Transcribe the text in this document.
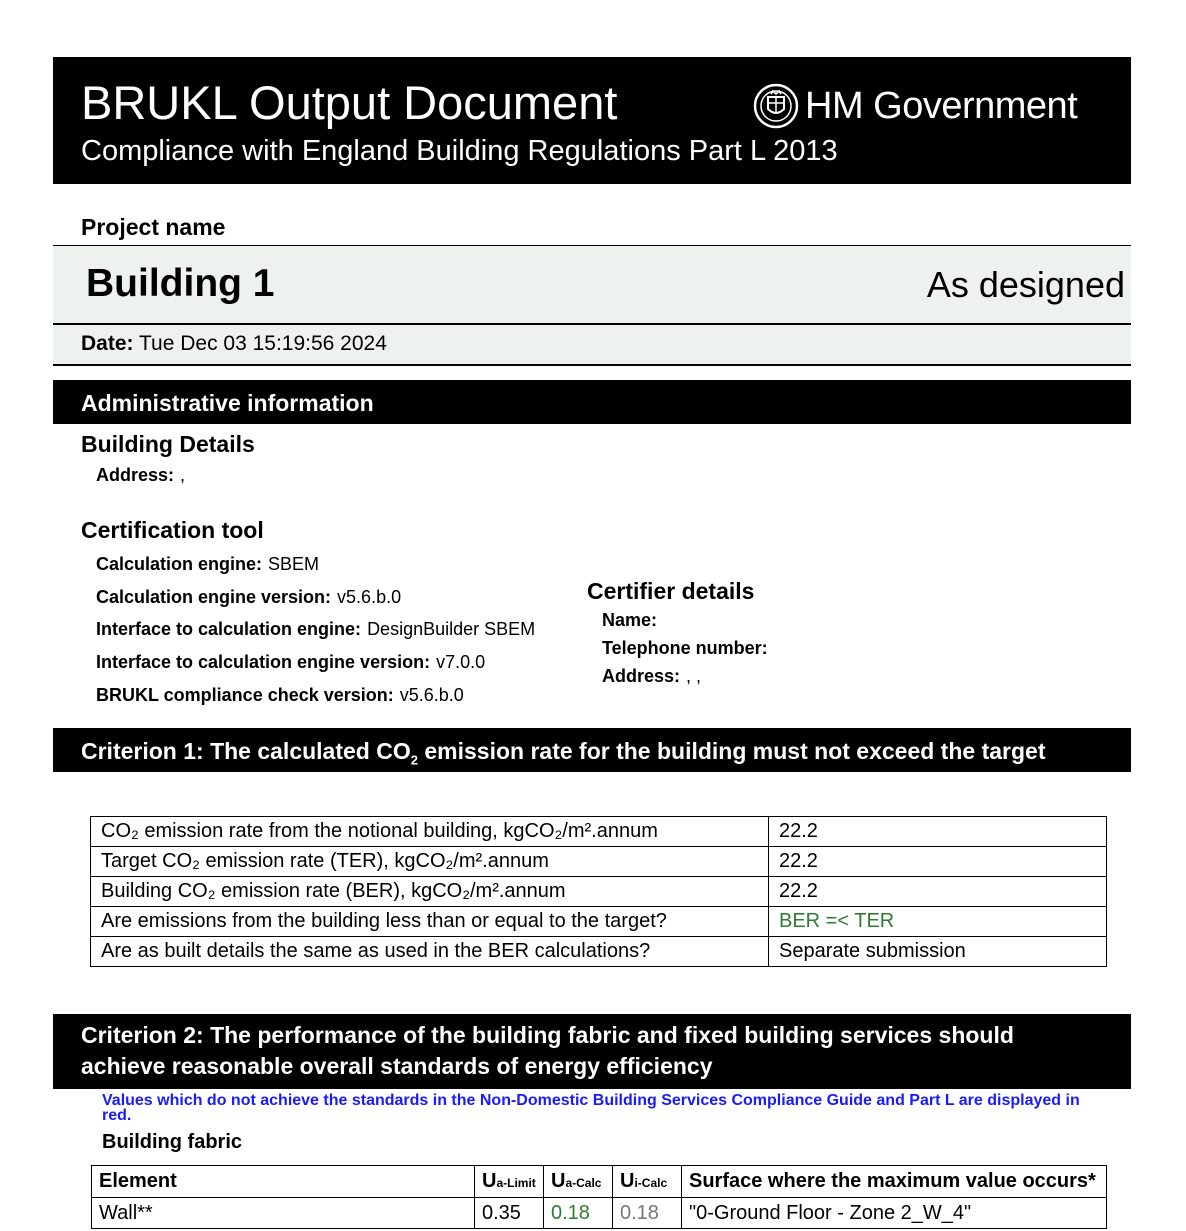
BRUKL Output Document
Compliance with England Building Regulations Part L 2013
HM Government
Project name
Building 1	As designed
Date: Tue Dec 03 15:19:56 2024
Administrative information
Building Details
Address: ,
Certification tool
Calculation engine: SBEM
Calculation engine version: v5.6.b.0
Interface to calculation engine: DesignBuilder SBEM
Interface to calculation engine version: v7.0.0
BRUKL compliance check version: v5.6.b.0
Certifier details
Name:
Telephone number:
Address: , ,
Criterion 1: The calculated $CO_2$ emission rate for the building must not exceed the target
CO₂ emission rate from the notional building, kgCO₂/m².annum	22.2
Target CO₂ emission rate (TER), kgCO₂/m².annum	22.2
Building CO₂ emission rate (BER), kgCO₂/m².annum	22.2
Are emissions from the building less than or equal to the target?	BER =< TER
Are as built details the same as used in the BER calculations?	Separate submission
Criterion 2: The performance of the building fabric and fixed building services should
achieve reasonable overall standards of energy efficiency
Values which do not achieve the standards in the Non-Domestic Building Services Compliance Guide and Part L are displayed in red.
Building fabric
Element	Ua-Limit	Ua-Calc	Ui-Calc	Surface where the maximum value occurs*
Wall**	0.35	0.18	0.18	"0-Ground Floor - Zone 2_W_4"
